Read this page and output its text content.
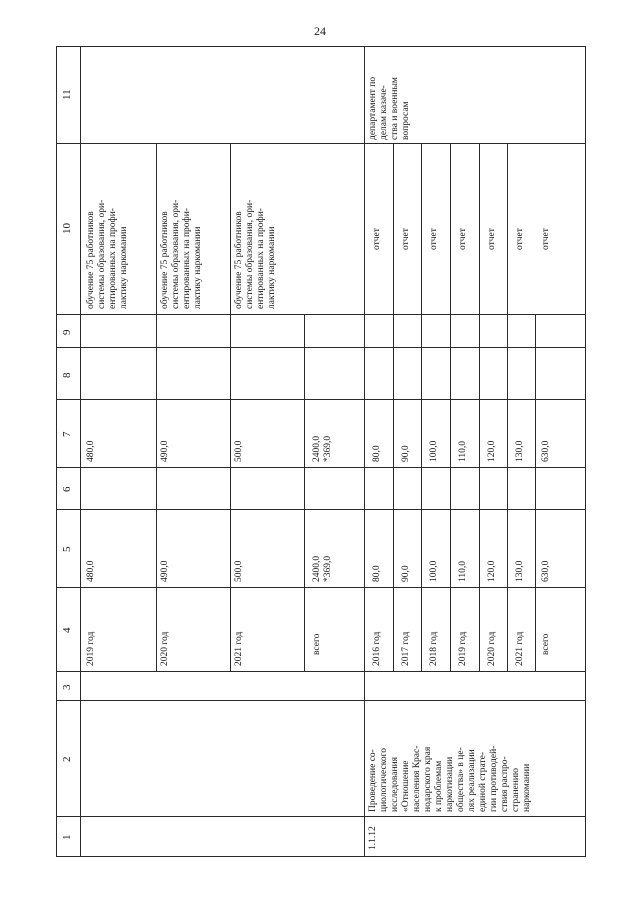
24
11
10
9
8
7
6
5
4
3
2
1
2019 год
480,0
480,0
обучение 75 работников системы образования, ори- ентированных на профи- лактику наркомании
2020 год
490,0
490,0
обучение 75 работников системы образования, ори- ентированных на профи- лактику наркомании
2021 год
500,0
500,0
обучение 75 работников системы образования, ори- ентированных на профи- лактику наркомании
всего
2400,0 *369,0
2400,0 *369,0
1.1.12
Проведение со- циологического исследования «Отношение населения Крас- нодарского края к проблемам наркотизации общества» в це- лях реализации единой страте- гии противодей- ствия распро- странению наркомании
департамент по делам казаче- ства и военным вопросам
2016 год
80,0
80,0
отчет
2017 год
90,0
90,0
отчет
2018 год
100,0
100,0
отчет
2019 год
110,0
110,0
отчет
2020 год
120,0
120,0
отчет
2021 год
130,0
130,0
отчет
всего
630,0
630,0
отчет
